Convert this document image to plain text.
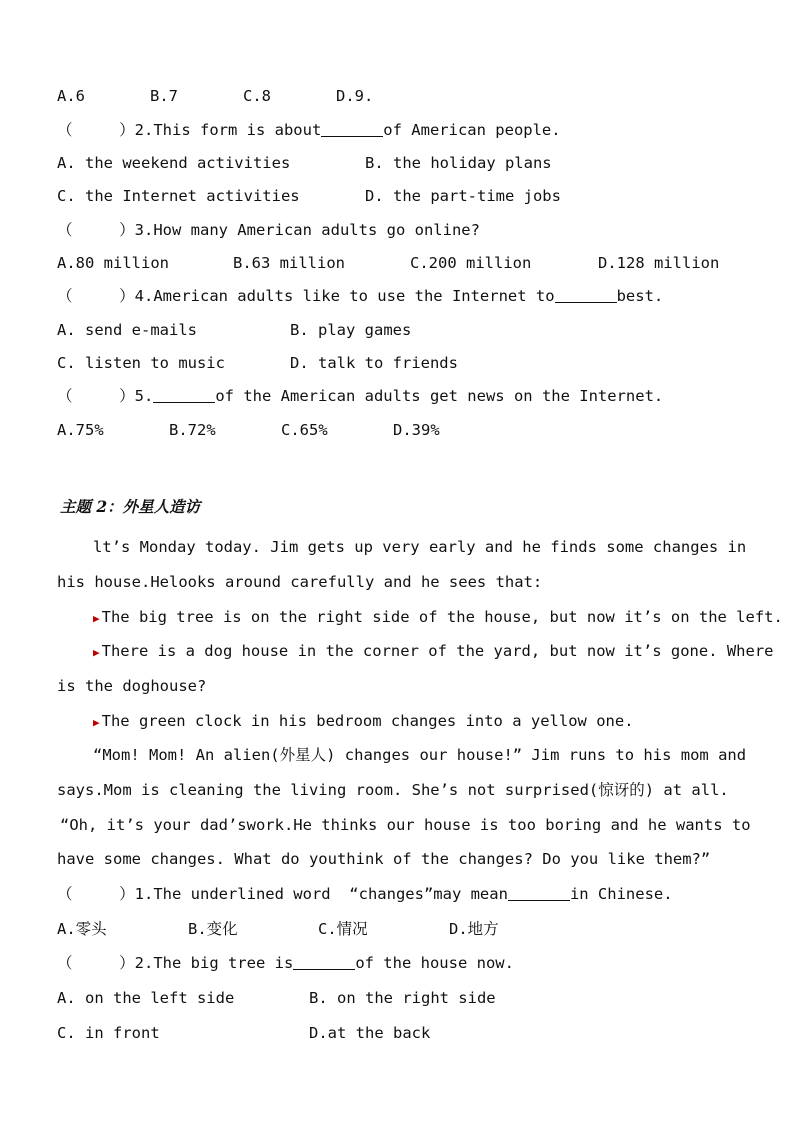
A.6	B.7	C.8	D.9.
（     ）2.This form is about	of American people.
A. the weekend activities	B. the holiday plans
C. the Internet activities	D. the part-time jobs
（     ）3.How many American adults go online?
A.80 million	B.63 million	C.200 million	D.128 million
（     ）4.American adults like to use the Internet to	best.
A. send e-mails	B. play games
C. listen to music	D. talk to friends
（     ）5.	of the American adults get news on the Internet.
A.75%	B.72%	C.65%	D.39%
主题 2：外星人造访
lt’s Monday today. Jim gets up very early and he finds some changes in
his house.Helooks around carefully and he sees that:
▶ The big tree is on the right side of the house, but now it’s on the left.
▶ There is a dog house in the corner of the yard, but now it’s gone. Where
is the doghouse?
▶ The green clock in his bedroom changes into a yellow one.
“Mom! Mom! An alien(外星人) changes our house!” Jim runs to his mom and
says.Mom is cleaning the living room. She’s not surprised(惊讶的) at all.
“Oh, it’s your dad’swork.He thinks our house is too boring and he wants to
have some changes. What do youthink of the changes? Do you like them?”
（     ）1.The underlined word  “changes”may mean	in Chinese.
A.零头	B.变化	C.情况	D.地方
（     ）2.The big tree is	of the house now.
A. on the left side	B. on the right side
C. in front	D.at the back
